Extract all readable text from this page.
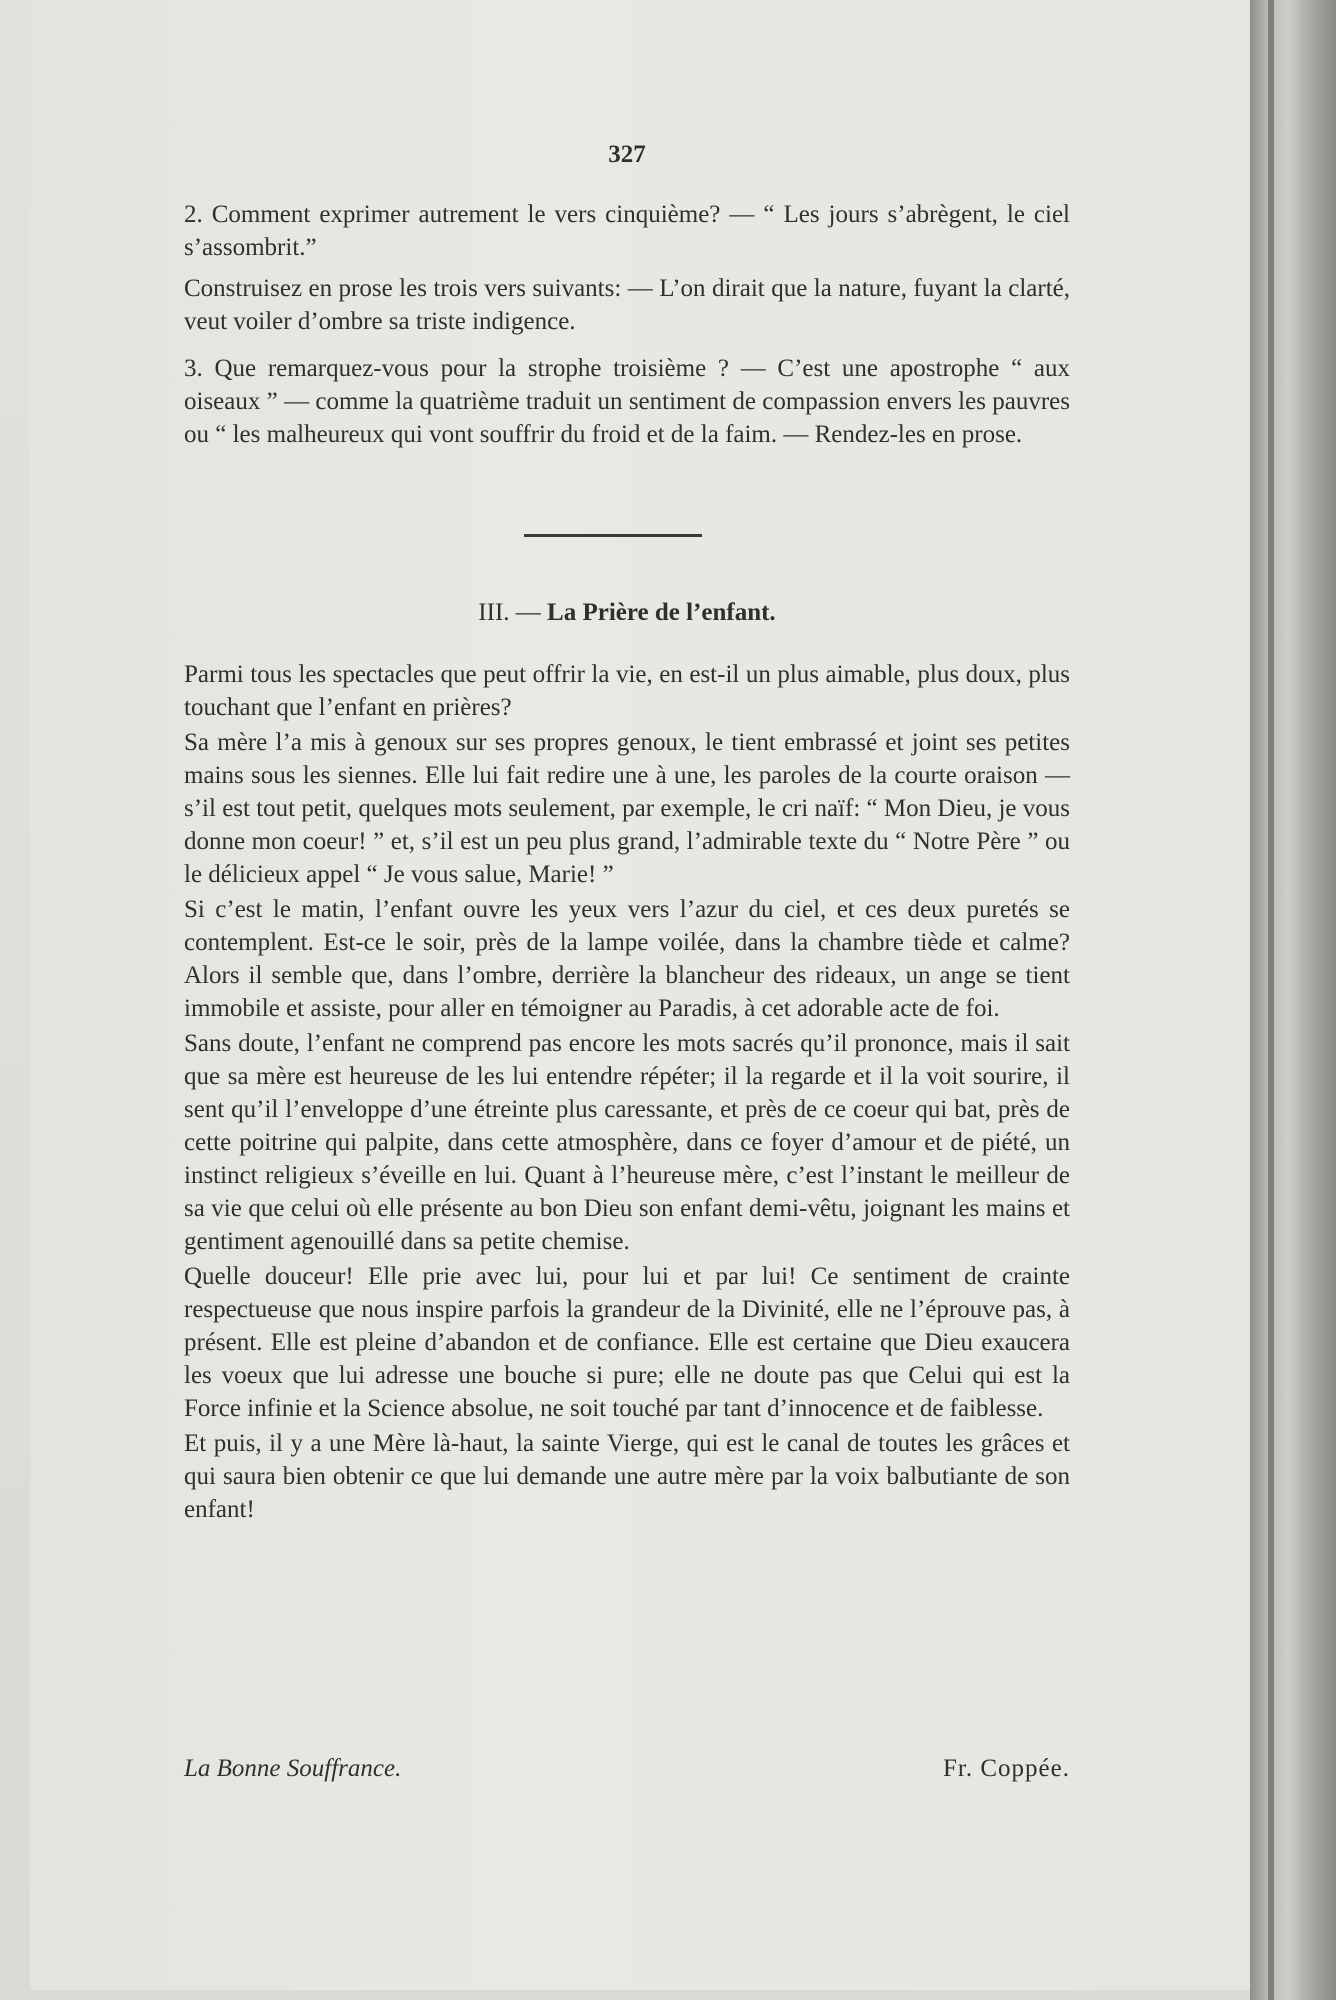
327

2. Comment exprimer autrement le vers cinquième? — “ Les jours s’abrègent, le ciel s’assombrit.”

Construisez en prose les trois vers suivants: — L’on dirait que la nature, fuyant la clarté, veut voiler d’ombre sa triste indigence.

3. Que remarquez-vous pour la strophe troisième ? — C’est une apostrophe “ aux oiseaux ” — comme la quatrième traduit un sentiment de compassion envers les pauvres ou “ les malheureux qui vont souffrir du froid et de la faim. — Rendez-les en prose.

III. — La Prière de l’enfant.

Parmi tous les spectacles que peut offrir la vie, en est-il un plus aimable, plus doux, plus touchant que l’enfant en prières?

Sa mère l’a mis à genoux sur ses propres genoux, le tient embrassé et joint ses petites mains sous les siennes. Elle lui fait redire une à une, les paroles de la courte oraison — s’il est tout petit, quelques mots seulement, par exemple, le cri naïf: “ Mon Dieu, je vous donne mon coeur! ” et, s’il est un peu plus grand, l’admirable texte du “ Notre Père ” ou le délicieux appel “ Je vous salue, Marie! ”

Si c’est le matin, l’enfant ouvre les yeux vers l’azur du ciel, et ces deux puretés se contemplent. Est-ce le soir, près de la lampe voilée, dans la chambre tiède et calme? Alors il semble que, dans l’ombre, derrière la blancheur des rideaux, un ange se tient immobile et assiste, pour aller en témoigner au Paradis, à cet adorable acte de foi.

Sans doute, l’enfant ne comprend pas encore les mots sacrés qu’il prononce, mais il sait que sa mère est heureuse de les lui entendre répéter; il la regarde et il la voit sourire, il sent qu’il l’enveloppe d’une étreinte plus caressante, et près de ce coeur qui bat, près de cette poitrine qui palpite, dans cette atmosphère, dans ce foyer d’amour et de piété, un instinct religieux s’éveille en lui. Quant à l’heureuse mère, c’est l’instant le meilleur de sa vie que celui où elle présente au bon Dieu son enfant demi-vêtu, joignant les mains et gentiment agenouillé dans sa petite chemise.

Quelle douceur! Elle prie avec lui, pour lui et par lui! Ce sentiment de crainte respectueuse que nous inspire parfois la grandeur de la Divinité, elle ne l’éprouve pas, à présent. Elle est pleine d’abandon et de confiance. Elle est certaine que Dieu exaucera les voeux que lui adresse une bouche si pure; elle ne doute pas que Celui qui est la Force infinie et la Science absolue, ne soit touché par tant d’innocence et de faiblesse.

Et puis, il y a une Mère là-haut, la sainte Vierge, qui est le canal de toutes les grâces et qui saura bien obtenir ce que lui demande une autre mère par la voix balbutiante de son enfant!

La Bonne Souffrance.	Fr. Coppée.
